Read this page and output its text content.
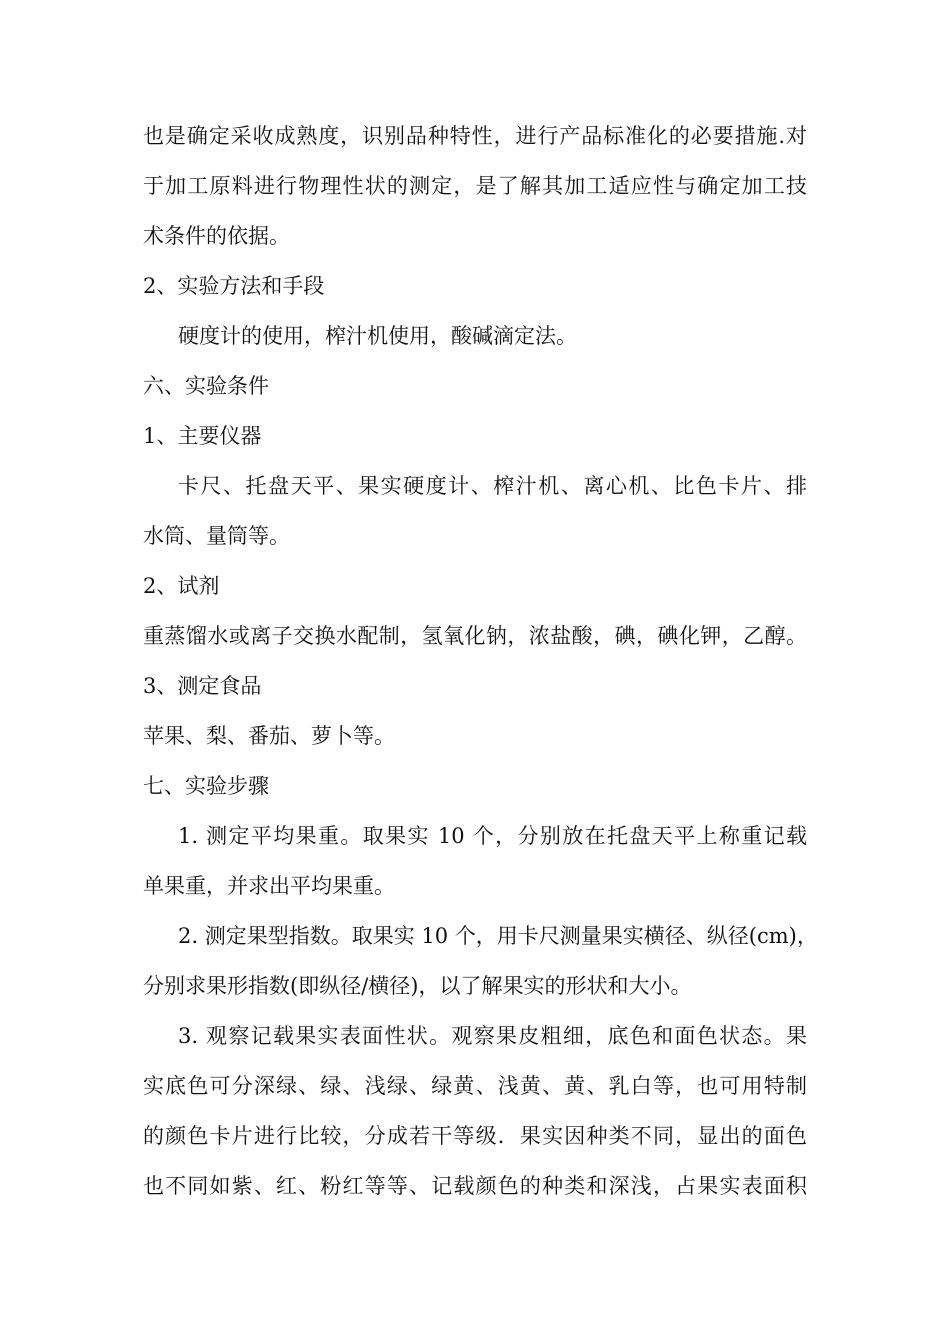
也是确定采收成熟度，识别品种特性，进行产品标准化的必要措施.对
于加工原料进行物理性状的测定，是了解其加工适应性与确定加工技
术条件的依据。
2、实验方法和手段
硬度计的使用，榨汁机使用，酸碱滴定法。
六、实验条件
1、主要仪器
卡尺、托盘天平、果实硬度计、榨汁机、离心机、比色卡片、排
水筒、量筒等。
2、试剂
重蒸馏水或离子交换水配制，氢氧化钠，浓盐酸，碘，碘化钾，乙醇。
3、测定食品
苹果、梨、番茄、萝卜等。
七、实验步骤
1. 测定平均果重。取果实 10 个，分别放在托盘天平上称重记载
单果重，并求出平均果重。
2. 测定果型指数。取果实 10 个，用卡尺测量果实横径、纵径(cm)，
分别求果形指数(即纵径/横径)，以了解果实的形状和大小。
3. 观察记载果实表面性状。观察果皮粗细，底色和面色状态。果
实底色可分深绿、绿、浅绿、绿黄、浅黄、黄、乳白等，也可用特制
的颜色卡片进行比较，分成若干等级．果实因种类不同，显出的面色
也不同如紫、红、粉红等等、记载颜色的种类和深浅，占果实表面积
